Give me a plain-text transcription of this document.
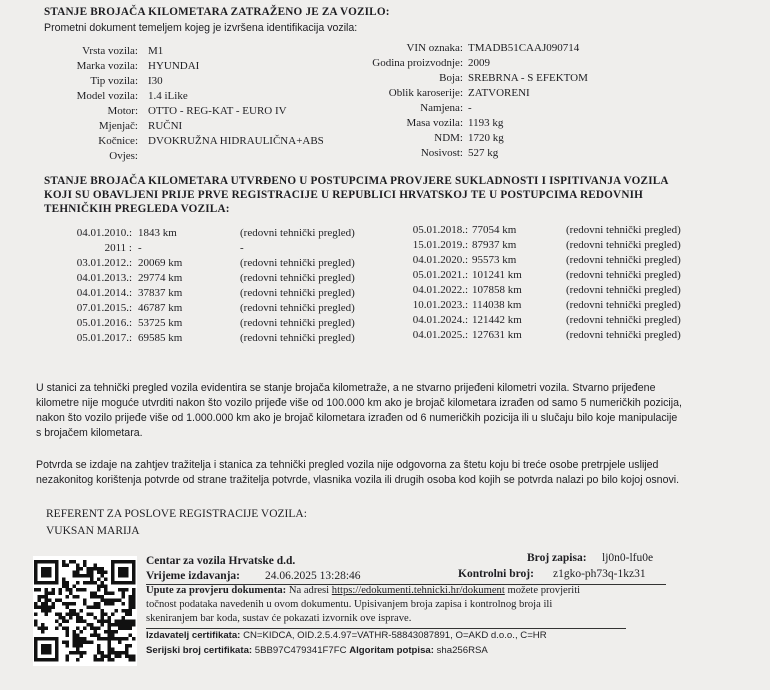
STANJE BROJAČA KILOMETARA ZATRAŽENO JE ZA VOZILO:
Prometni dokument temeljem kojeg je izvršena identifikacija vozila:
Vrsta vozila: M1
Marka vozila: HYUNDAI
Tip vozila: I30
Model vozila: 1.4 iLike
Motor: OTTO - REG-KAT - EURO IV
Mjenjač: RUČNI
Kočnice: DVOKRUŽNA HIDRAULIČNA+ABS
Ovjes:
VIN oznaka: TMADB51CAAJ090714
Godina proizvodnje: 2009
Boja: SREBRNA - S EFEKTOM
Oblik karoserije: ZATVORENI
Namjena: -
Masa vozila: 1193 kg
NDM: 1720 kg
Nosivost: 527 kg
STANJE BROJAČA KILOMETARA UTVRĐENO U POSTUPCIMA PROVJERE SUKLADNOSTI I ISPITIVANJA VOZILA
KOJI SU OBAVLJENI PRIJE PRVE REGISTRACIJE U REPUBLICI HRVATSKOJ TE U POSTUPCIMA REDOVNIH
TEHNIČKIH PREGLEDA VOZILA:
04.01.2010.: 1843 km	(redovni tehnički pregled)
2011 : -	-
03.01.2012.: 20069 km	(redovni tehnički pregled)
04.01.2013.: 29774 km	(redovni tehnički pregled)
04.01.2014.: 37837 km	(redovni tehnički pregled)
07.01.2015.: 46787 km	(redovni tehnički pregled)
05.01.2016.: 53725 km	(redovni tehnički pregled)
05.01.2017.: 69585 km	(redovni tehnički pregled)
05.01.2018.: 77054 km	(redovni tehnički pregled)
15.01.2019.: 87937 km	(redovni tehnički pregled)
04.01.2020.: 95573 km	(redovni tehnički pregled)
05.01.2021.: 101241 km	(redovni tehnički pregled)
04.01.2022.: 107858 km	(redovni tehnički pregled)
10.01.2023.: 114038 km	(redovni tehnički pregled)
04.01.2024.: 121442 km	(redovni tehnički pregled)
04.01.2025.: 127631 km	(redovni tehnički pregled)
U stanici za tehnički pregled vozila evidentira se stanje brojača kilometraže, a ne stvarno prijeđeni kilometri vozila. Stvarno prijeđene
kilometre nije moguće utvrditi nakon što vozilo prijeđe više od 100.000 km ako je brojač kilometara izrađen od samo 5 numeričkih pozicija,
nakon što vozilo prijeđe više od 1.000.000 km ako je brojač kilometara izrađen od 6 numeričkih pozicija ili u slučaju bilo koje manipulacije
s brojačem kilometara.
Potvrda se izdaje na zahtjev tražitelja i stanica za tehnički pregled vozila nije odgovorna za štetu koju bi treće osobe pretrpjele uslijed
nezakonitog korištenja potvrde od strane tražitelja potvrde, vlasnika vozila ili drugih osoba kod kojih se potvrda nalazi po bilo kojoj osnovi.
REFERENT ZA POSLOVE REGISTRACIJE VOZILA:
VUKSAN MARIJA
Centar za vozila Hrvatske d.d.	Broj zapisa: lj0n0-lfu0e
Vrijeme izdavanja: 24.06.2025 13:28:46	Kontrolni broj: z1gko-ph73q-1kz31
Upute za provjeru dokumenta: Na adresi https://edokumenti.tehnicki.hr/dokument možete provjeriti
točnost podataka navedenih u ovom dokumentu. Upisivanjem broja zapisa i kontrolnog broja ili
skeniranjem bar koda, sustav će pokazati izvornik ove isprave.
Izdavatelj certifikata: CN=KIDCA, OID.2.5.4.97=VATHR-58843087891, O=AKD d.o.o., C=HR
Serijski broj certifikata: 5BB97C479341F7FC Algoritam potpisa: sha256RSA
